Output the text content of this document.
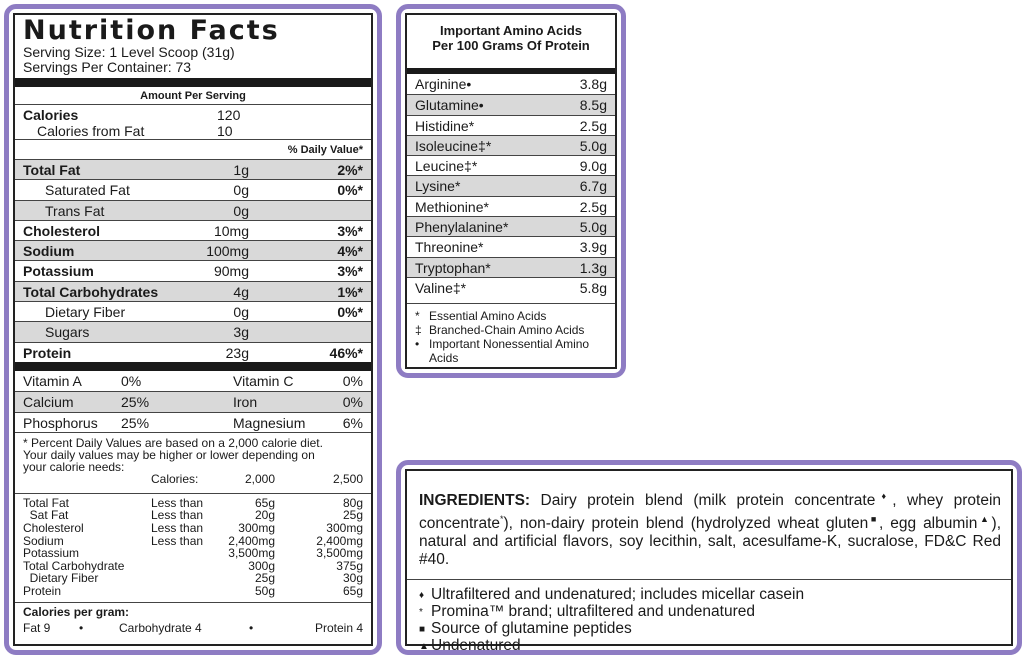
Nutrition Facts
Serving Size: 1 Level Scoop (31g)
Servings Per Container: 73
Amount Per Serving
Calories	120
Calories from Fat	10
% Daily Value*
Total Fat	1g	2%*
Saturated Fat	0g	0%*
Trans Fat	0g
Cholesterol	10mg	3%*
Sodium	100mg	4%*
Potassium	90mg	3%*
Total Carbohydrates	4g	1%*
Dietary Fiber	0g	0%*
Sugars	3g
Protein	23g	46%*
Vitamin A	0%	Vitamin C	0%
Calcium	25%	Iron	0%
Phosphorus 25%	Magnesium	6%
* Percent Daily Values are based on a 2,000 calorie diet.
Your daily values may be higher or lower depending on
your calorie needs:
Calories:	2,000	2,500
Total Fat	Less than	65g	80g
Sat Fat	Less than	20g	25g
Cholesterol	Less than	300mg	300mg
Sodium	Less than 2,400mg	2,400mg
Potassium	3,500mg	3,500mg
Total Carbohydrate	300g	375g
Dietary Fiber	25g	30g
Protein	50g	65g
Calories per gram:
Fat 9 •	Carbohydrate 4	•	Protein 4
Important Amino Acids
Per 100 Grams Of Protein
Arginine•	3.8g
Glutamine•	8.5g
Histidine*	2.5g
Isoleucine‡*	5.0g
Leucine‡*	9.0g
Lysine*	6.7g
Methionine*	2.5g
Phenylalanine*	5.0g
Threonine*	3.9g
Tryptophan*	1.3g
Valine‡*	5.8g
* Essential Amino Acids
‡ Branched-Chain Amino Acids
• Important Nonessential Amino Acids
INGREDIENTS: Dairy protein blend (milk protein concentrate♦, whey protein concentrate*), non-dairy protein blend (hydrolyzed wheat gluten■, egg albumin▲), natural and artificial flavors, soy lecithin, salt, acesulfame-K, sucralose, FD&C Red #40.
♦ Ultrafiltered and undenatured; includes micellar casein
* Promina™ brand; ultrafiltered and undenatured
■ Source of glutamine peptides
▲ Undenatured
